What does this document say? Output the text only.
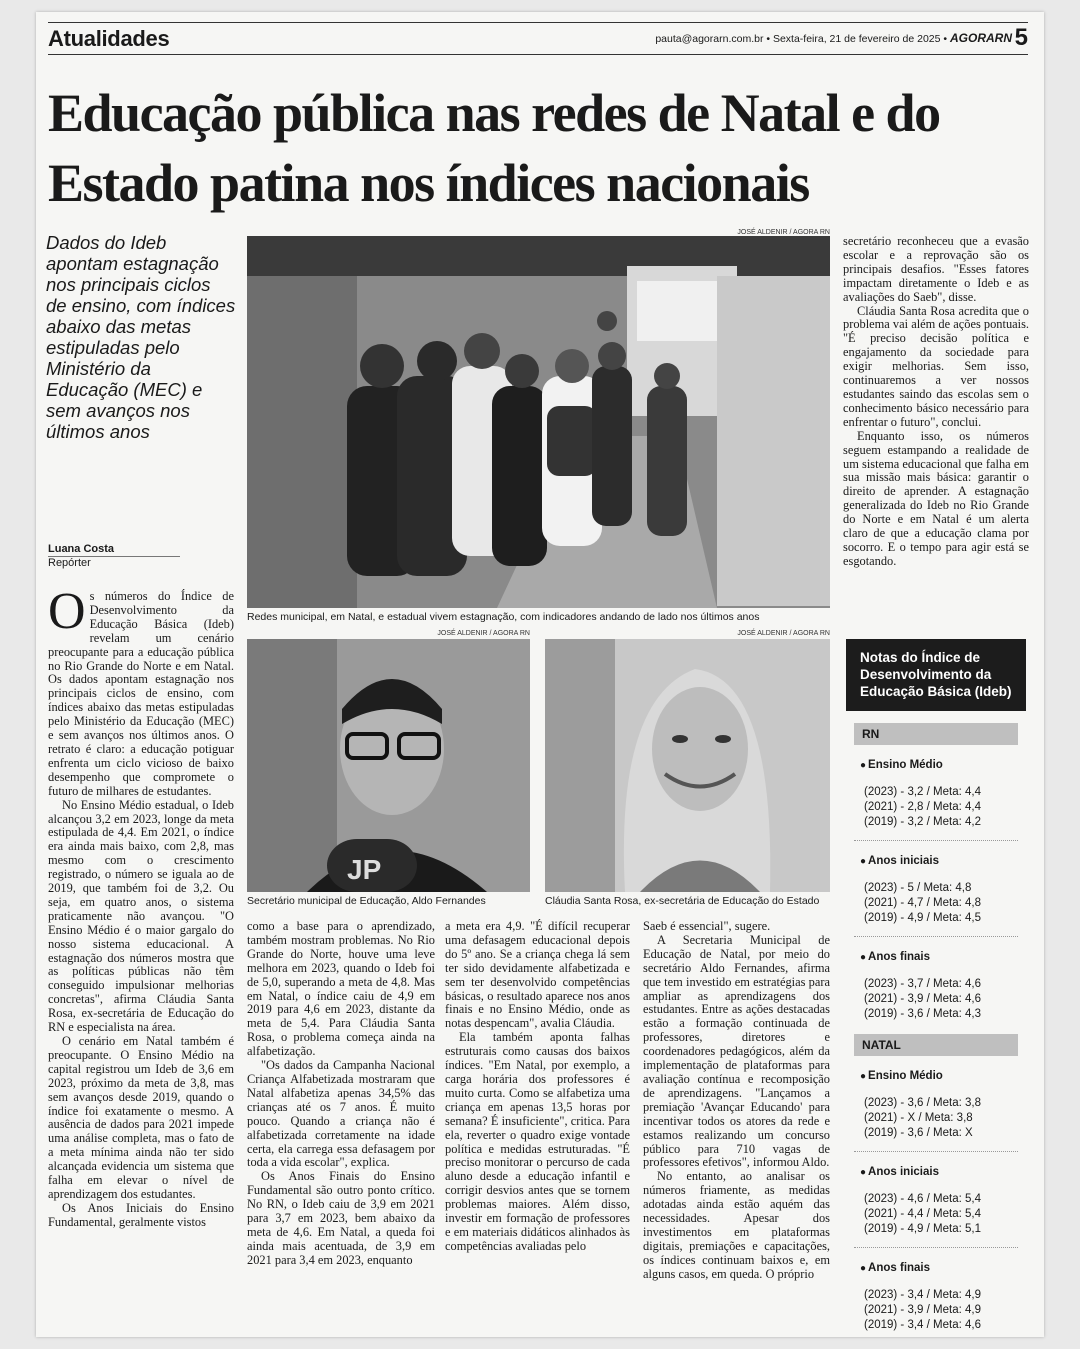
Atualidades	pauta@agorarn.com.br • Sexta-feira, 21 de fevereiro de 2025 • AGORARN 5
Educação pública nas redes de Natal e do Estado patina nos índices nacionais
Dados do Ideb apontam estagnação nos principais ciclos de ensino, com índices abaixo das metas estipuladas pelo Ministério da Educação (MEC) e sem avanços nos últimos anos
Luana Costa
Repórter
JOSÉ ALDENIR / AGORA RN
Redes municipal, em Natal, e estadual vivem estagnação, com indicadores andando de lado nos últimos anos
JOSÉ ALDENIR / AGORA RN
JP
Secretário municipal de Educação, Aldo Fernandes
JOSÉ ALDENIR / AGORA RN
Cláudia Santa Rosa, ex-secretária de Educação do Estado

Os números do Índice de Desenvolvimento da Educação Básica (Ideb) revelam um cenário preocupante para a educação pública no Rio Grande do Norte e em Natal. Os dados apontam estagnação nos principais ciclos de ensino, com índices abaixo das metas estipuladas pelo Ministério da Educação (MEC) e sem avanços nos últimos anos. O retrato é claro: a educação potiguar enfrenta um ciclo vicioso de baixo desempenho que compromete o futuro de milhares de estudantes.

No Ensino Médio estadual, o Ideb alcançou 3,2 em 2023, longe da meta estipulada de 4,4. Em 2021, o índice era ainda mais baixo, com 2,8, mas mesmo com o crescimento registrado, o número se iguala ao de 2019, que também foi de 3,2. Ou seja, em quatro anos, o sistema praticamente não avançou. "O Ensino Médio é o maior gargalo do nosso sistema educacional. A estagnação dos números mostra que as políticas públicas não têm conseguido impulsionar melhorias concretas", afirma Cláudia Santa Rosa, ex-secretária de Educação do RN e especialista na área.

O cenário em Natal também é preocupante. O Ensino Médio na capital registrou um Ideb de 3,6 em 2023, próximo da meta de 3,8, mas sem avanços desde 2019, quando o índice foi exatamente o mesmo. A ausência de dados para 2021 impede uma análise completa, mas o fato de a meta mínima ainda não ter sido alcançada evidencia um sistema que falha em elevar o nível de aprendizagem dos estudantes.

Os Anos Iniciais do Ensino Fundamental, geralmente vistos

como a base para o aprendizado, também mostram problemas. No Rio Grande do Norte, houve uma leve melhora em 2023, quando o Ideb foi de 5,0, superando a meta de 4,8. Mas em Natal, o índice caiu de 4,9 em 2019 para 4,6 em 2023, distante da meta de 5,4. Para Cláudia Santa Rosa, o problema começa ainda na alfabetização.

"Os dados da Campanha Nacional Criança Alfabetizada mostraram que Natal alfabetiza apenas 34,5% das crianças até os 7 anos. É muito pouco. Quando a criança não é alfabetizada corretamente na idade certa, ela carrega essa defasagem por toda a vida escolar", explica.

Os Anos Finais do Ensino Fundamental são outro ponto crítico. No RN, o Ideb caiu de 3,9 em 2021 para 3,7 em 2023, bem abaixo da meta de 4,6. Em Natal, a queda foi ainda mais acentuada, de 3,9 em 2021 para 3,4 em 2023, enquanto

a meta era 4,9. "É difícil recuperar uma defasagem educacional depois do 5º ano. Se a criança chega lá sem ter sido devidamente alfabetizada e sem ter desenvolvido competências básicas, o resultado aparece nos anos finais e no Ensino Médio, onde as notas despencam", avalia Cláudia.

Ela também aponta falhas estruturais como causas dos baixos índices. "Em Natal, por exemplo, a carga horária dos professores é muito curta. Como se alfabetiza uma criança em apenas 13,5 horas por semana? É insuficiente", critica. Para ela, reverter o quadro exige vontade política e medidas estruturadas. "É preciso monitorar o percurso de cada aluno desde a educação infantil e corrigir desvios antes que se tornem problemas maiores. Além disso, investir em formação de professores e em materiais didáticos alinhados às competências avaliadas pelo

Saeb é essencial", sugere.

A Secretaria Municipal de Educação de Natal, por meio do secretário Aldo Fernandes, afirma que tem investido em estratégias para ampliar as aprendizagens dos estudantes. Entre as ações destacadas estão a formação continuada de professores, diretores e coordenadores pedagógicos, além da implementação de plataformas para avaliação contínua e recomposição de aprendizagens. "Lançamos a premiação 'Avançar Educando' para incentivar todos os atores da rede e estamos realizando um concurso público para 710 vagas de professores efetivos", informou Aldo.

No entanto, ao analisar os números friamente, as medidas adotadas ainda estão aquém das necessidades. Apesar dos investimentos em plataformas digitais, premiações e capacitações, os índices continuam baixos e, em alguns casos, em queda. O próprio

secretário reconheceu que a evasão escolar e a reprovação são os principais desafios. "Esses fatores impactam diretamente o Ideb e as avaliações do Saeb", disse.

Cláudia Santa Rosa acredita que o problema vai além de ações pontuais. "É preciso decisão política e engajamento da sociedade para exigir melhorias. Sem isso, continuaremos a ver nossos estudantes saindo das escolas sem o conhecimento básico necessário para enfrentar o futuro", conclui.

Enquanto isso, os números seguem estampando a realidade de um sistema educacional que falha em sua missão mais básica: garantir o direito de aprender. A estagnação generalizada do Ideb no Rio Grande do Norte e em Natal é um alerta claro de que a educação clama por socorro. E o tempo para agir está se esgotando.

Notas do Índice de Desenvolvimento da Educação Básica (Ideb)
RN
● Ensino Médio
(2023) - 3,2 / Meta: 4,4
(2021) - 2,8 / Meta: 4,4
(2019) - 3,2 / Meta: 4,2
● Anos iniciais
(2023) - 5 / Meta: 4,8
(2021) - 4,7 / Meta: 4,8
(2019) - 4,9 / Meta: 4,5
● Anos finais
(2023) - 3,7 / Meta: 4,6
(2021) - 3,9 / Meta: 4,6
(2019) - 3,6 / Meta: 4,3
NATAL
● Ensino Médio
(2023) - 3,6 / Meta: 3,8
(2021) - X / Meta: 3,8
(2019) - 3,6 / Meta: X
● Anos iniciais
(2023) - 4,6 / Meta: 5,4
(2021) - 4,4 / Meta: 5,4
(2019) - 4,9 / Meta: 5,1
● Anos finais
(2023) - 3,4 / Meta: 4,9
(2021) - 3,9 / Meta: 4,9
(2019) - 3,4 / Meta: 4,6
